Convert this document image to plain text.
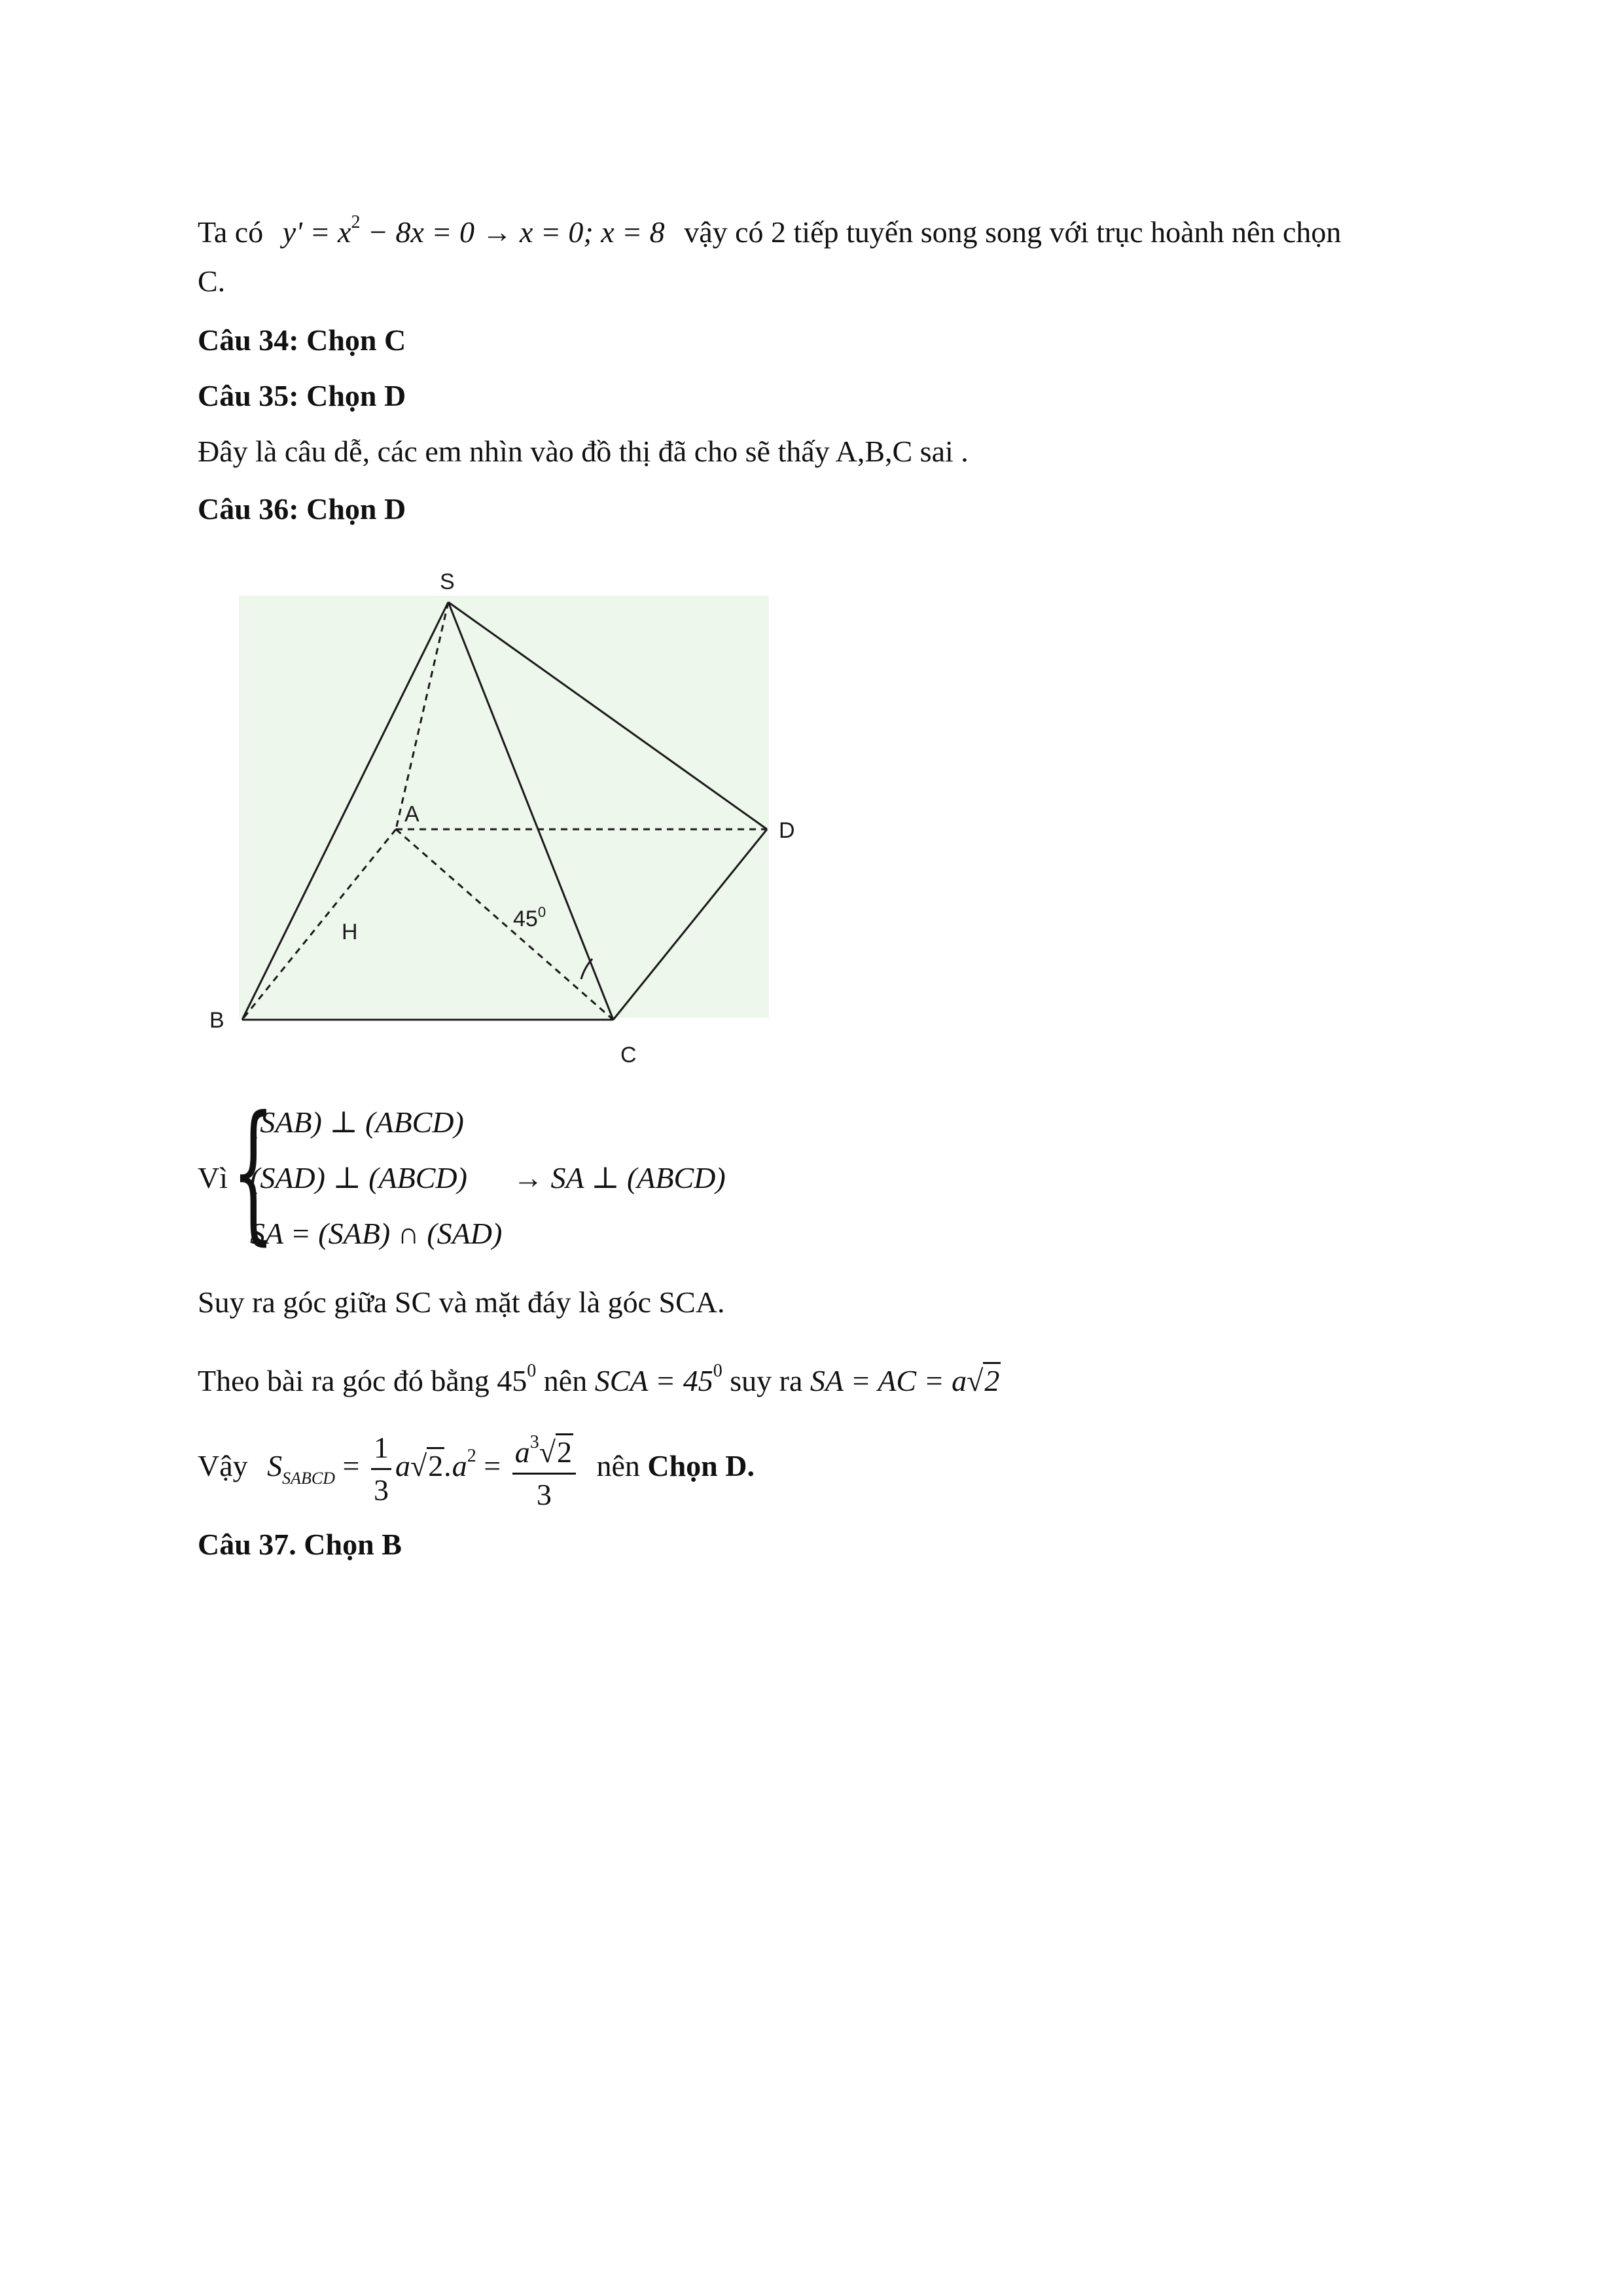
Ta có $y' = x^2 - 8x = 0 \to x = 0$; x = 8 vậy có 2 tiếp tuyến song song với trục hoành nên chọn
C.
Câu 34: Chọn C
Câu 35: Chọn D
Đây là câu dễ, các em nhìn vào đồ thị đã cho sẽ thấy A,B,C sai .
Câu 36: Chọn D
S
A
D
B
C
H
$45^0$
Vì {
(SAB) ⊥ (ABCD)
(SAD) ⊥ (ABCD) → SA ⊥ (ABCD)
SA = (SAB) ∩ (SAD)
Suy ra góc giữa SC và mặt đáy là góc SCA.
Theo bài ra góc đó bằng $45^0$ nên SCA = $45^0$ suy ra SA = AC = a√2
Vậy $S_{SABCD} = \frac{1}{3} a√2.a^2 = \frac{a^3√2}{3}$ nên Chọn D.
Câu 37. Chọn B
